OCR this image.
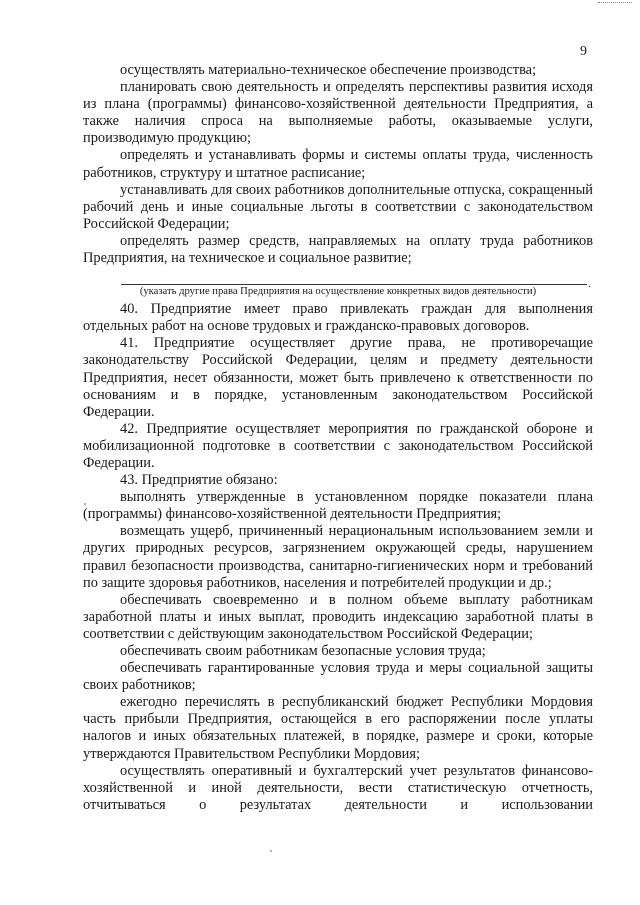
9

осуществлять материально-техническое обеспечение производства;

планировать свою деятельность и определять перспективы развития исходя из плана (программы) финансово-хозяйственной деятельности Предприятия, а также наличия спроса на выполняемые работы, оказываемые услуги, производимую продукцию;

определять и устанавливать формы и системы оплаты труда, численность работников, структуру и штатное расписание;

устанавливать для своих работников дополнительные отпуска, сокращенный рабочий день и иные социальные льготы в соответствии с законодательством Российской Федерации;

определять размер средств, направляемых на оплату труда работников Предприятия, на техническое и социальное развитие;

.

(указать другие права Предприятия на осуществление конкретных видов деятельности)

40. Предприятие имеет право привлекать граждан для выполнения отдельных работ на основе трудовых и гражданско-правовых договоров.

41. Предприятие осуществляет другие права, не противоречащие законодательству Российской Федерации, целям и предмету деятельности Предприятия, несет обязанности, может быть привлечено к ответственности по основаниям и в порядке, установленным законодательством Российской Федерации.

42. Предприятие осуществляет мероприятия по гражданской обороне и мобилизационной подготовке в соответствии с законодательством Российской Федерации.

43. Предприятие обязано:

выполнять утвержденные в установленном порядке показатели плана (программы) финансово-хозяйственной деятельности Предприятия;

возмещать ущерб, причиненный нерациональным использованием земли и других природных ресурсов, загрязнением окружающей среды, нарушением правил безопасности производства, санитарно-гигиенических норм и требований по защите здоровья работников, населения и потребителей продукции и др.;

обеспечивать своевременно и в полном объеме выплату работникам заработной платы и иных выплат, проводить индексацию заработной платы в соответствии с действующим законодательством Российской Федерации;

обеспечивать своим работникам безопасные условия труда;

обеспечивать гарантированные условия труда и меры социальной защиты своих работников;

ежегодно перечислять в республиканский бюджет Республики Мордовия часть прибыли Предприятия, остающейся в его распоряжении после уплаты налогов и иных обязательных платежей, в порядке, размере и сроки, которые утверждаются Правительством Республики Мордовия;

осуществлять оперативный и бухгалтерский учет результатов финансово-хозяйственной и иной деятельности, вести статистическую отчетность, отчитываться о результатах деятельности и использовании
